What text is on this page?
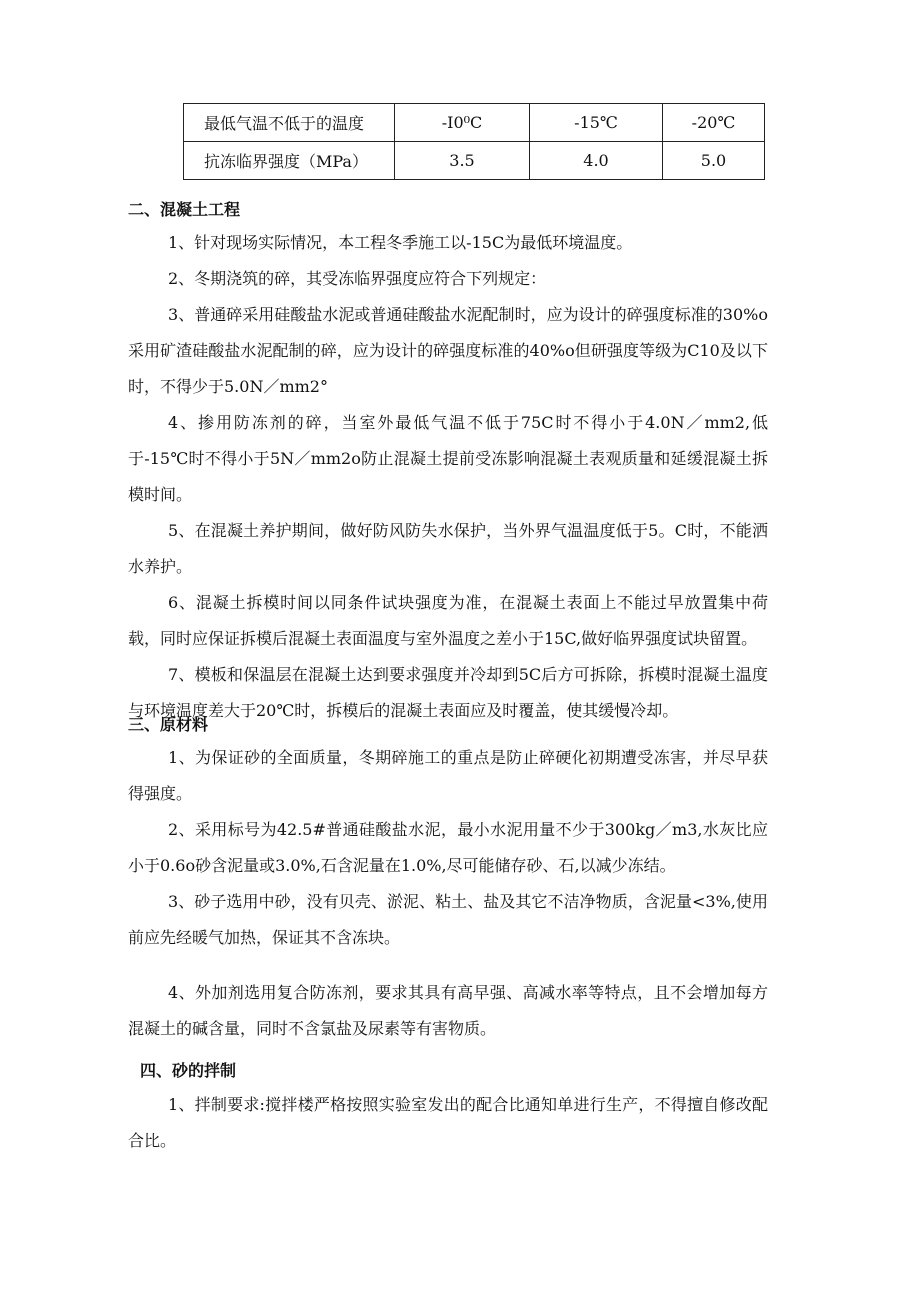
最低气温不低于的温度	-I0⁰C	-15℃	-20℃
抗冻临界强度（MPa）	3.5	4.0	5.0
二、混凝土工程

1、针对现场实际情况，本工程冬季施工以-15C为最低环境温度。

2、冬期浇筑的碎，其受冻临界强度应符合下列规定：

3、普通碎采用硅酸盐水泥或普通硅酸盐水泥配制时，应为设计的碎强度标准的30%o采用矿渣硅酸盐水泥配制的碎，应为设计的碎强度标准的40%o但研强度等级为C10及以下时，不得少于5.0N／mm2°

4、掺用防冻剂的碎，当室外最低气温不低于75C时不得小于4.0N／mm2,低于-15℃时不得小于5N／mm2o防止混凝土提前受冻影响混凝土表观质量和延缓混凝土拆模时间。

5、在混凝土养护期间，做好防风防失水保护，当外界气温温度低于5。C时，不能洒水养护。

6、混凝土拆模时间以同条件试块强度为准，在混凝土表面上不能过早放置集中荷载，同时应保证拆模后混凝土表面温度与室外温度之差小于15C,做好临界强度试块留置。

7、模板和保温层在混凝土达到要求强度并冷却到5C后方可拆除，拆模时混凝土温度与环境温度差大于20℃时，拆模后的混凝土表面应及时覆盖，使其缓慢冷却。

三、原材料

1、为保证砂的全面质量，冬期碎施工的重点是防止碎硬化初期遭受冻害，并尽早获得强度。

2、采用标号为42.5#普通硅酸盐水泥，最小水泥用量不少于300kg／m3,水灰比应小于0.6o砂含泥量或3.0%,石含泥量在1.0%,尽可能储存砂、石,以减少冻结。

3、砂子选用中砂，没有贝壳、淤泥、粘土、盐及其它不洁净物质，含泥量<3%,使用前应先经暖气加热，保证其不含冻块。

4、外加剂选用复合防冻剂，要求其具有高早强、高减水率等特点，且不会增加每方混凝土的碱含量，同时不含氯盐及尿素等有害物质。

四、砂的拌制

1、拌制要求:搅拌楼严格按照实验室发出的配合比通知单进行生产，不得擅自修改配合比。
